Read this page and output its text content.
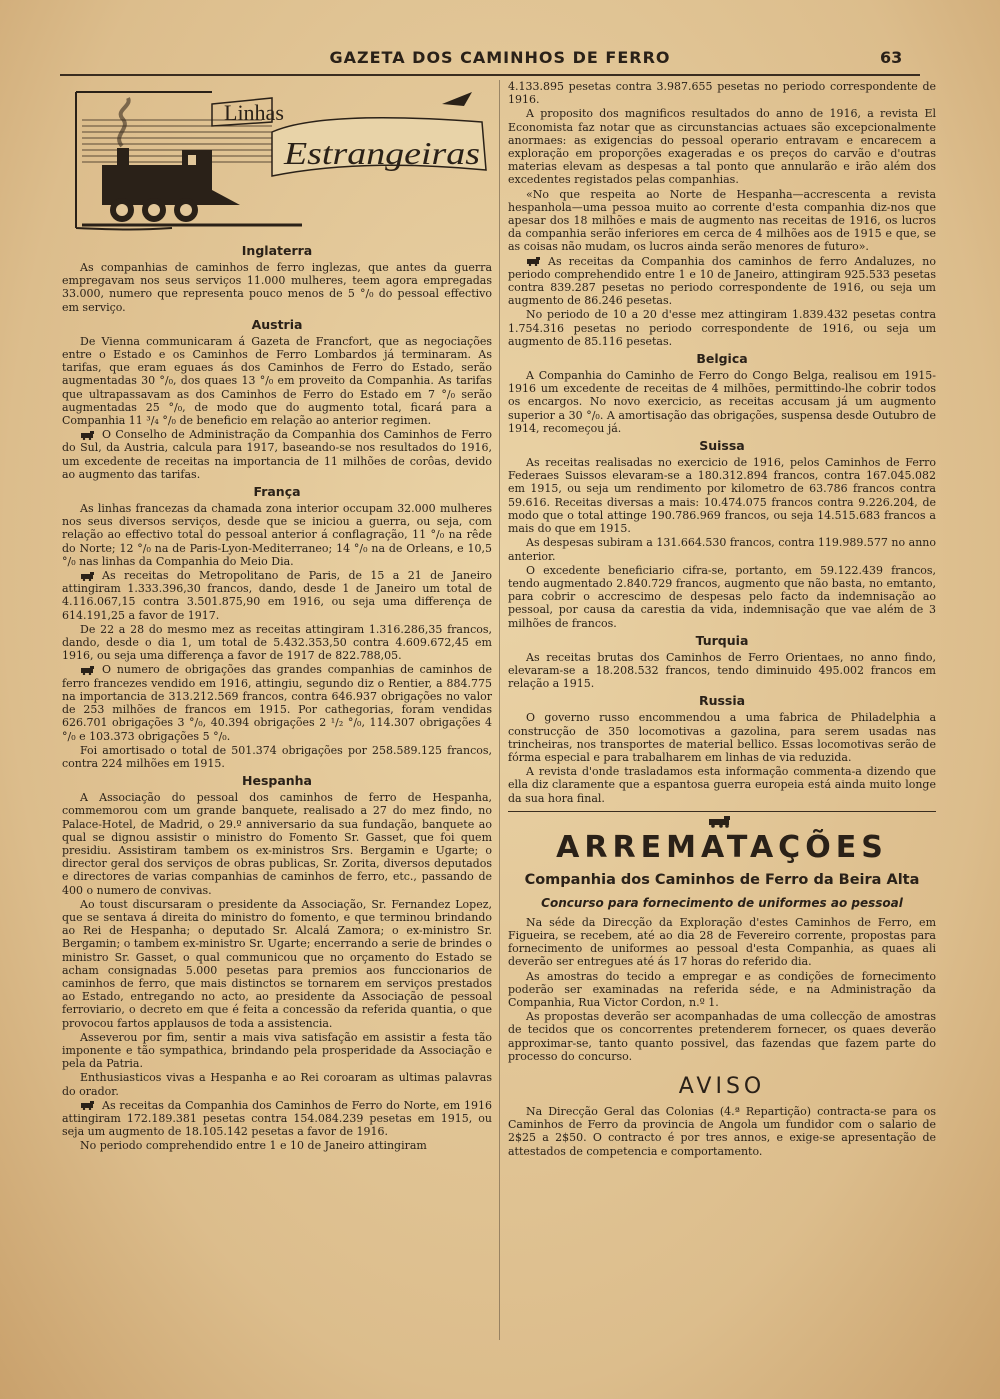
GAZETA DOS CAMINHOS DE FERRO	63
Linhas
Estrangeiras
Inglaterra

As companhias de caminhos de ferro inglezas, que antes da guerra empregavam nos seus serviços 11.000 mulheres, teem agora empregadas 33.000, numero que representa pouco menos de 5 °/₀ do pessoal effectivo em serviço.

Austria

De Vienna communicaram á Gazeta de Francfort, que as negociações entre o Estado e os Caminhos de Ferro Lombardos já terminaram. As tarifas, que eram eguaes ás dos Caminhos de Ferro do Estado, serão augmentadas 30 °/₀, dos quaes 13 °/₀ em proveito da Companhia. As tarifas que ultrapassavam as dos Caminhos de Ferro do Estado em 7 °/₀ serão augmentadas 25 °/₀, de modo que do augmento total, ficará para a Companhia 11 ³/₄ °/₀ de beneficio em relação ao anterior regimen.

O Conselho de Administração da Companhia dos Caminhos de Ferro do Sul, da Austria, calcula para 1917, baseando-se nos resultados do 1916, um excedente de receitas na importancia de 11 milhões de corôas, devido ao augmento das tarifas.

França

As linhas francezas da chamada zona interior occupam 32.000 mulheres nos seus diversos serviços, desde que se iniciou a guerra, ou seja, com relação ao effectivo total do pessoal anterior á conflagração, 11 °/₀ na rêde do Norte; 12 °/₀ na de Paris-Lyon-Mediterraneo; 14 °/₀ na de Orleans, e 10,5 °/₀ nas linhas da Companhia do Meio Dia.

As receitas do Metropolitano de Paris, de 15 a 21 de Janeiro attingiram 1.333.396,30 francos, dando, desde 1 de Janeiro um total de 4.116.067,15 contra 3.501.875,90 em 1916, ou seja uma differença de 614.191,25 a favor de 1917.

De 22 a 28 do mesmo mez as receitas attingiram 1.316.286,35 francos, dando, desde o dia 1, um total de 5.432.353,50 contra 4.609.672,45 em 1916, ou seja uma differença a favor de 1917 de 822.788,05.

O numero de obrigações das grandes companhias de caminhos de ferro francezes vendido em 1916, attingiu, segundo diz o Rentier, a 884.775 na importancia de 313.212.569 francos, contra 646.937 obrigações no valor de 253 milhões de francos em 1915. Por cathegorias, foram vendidas 626.701 obrigações 3 °/₀, 40.394 obrigações 2 ¹/₂ °/₀, 114.307 obrigações 4 °/₀ e 103.373 obrigações 5 °/₀.

Foi amortisado o total de 501.374 obrigações por 258.589.125 francos, contra 224 milhões em 1915.

Hespanha

A Associação do pessoal dos caminhos de ferro de Hespanha, commemorou com um grande banquete, realisado a 27 do mez findo, no Palace-Hotel, de Madrid, o 29.º anniversario da sua fundação, banquete ao qual se dignou assistir o ministro do Fomento Sr. Gasset, que foi quem presidiu. Assistiram tambem os ex-ministros Srs. Bergamin e Ugarte; o director geral dos serviços de obras publicas, Sr. Zorita, diversos deputados e directores de varias companhias de caminhos de ferro, etc., passando de 400 o numero de convivas.

Ao toust discursaram o presidente da Associação, Sr. Fernandez Lopez, que se sentava á direita do ministro do fomento, e que terminou brindando ao Rei de Hespanha; o deputado Sr. Alcalá Zamora; o ex-ministro Sr. Bergamin; o tambem ex-ministro Sr. Ugarte; encerrando a serie de brindes o ministro Sr. Gasset, o qual communicou que no orçamento do Estado se acham consignadas 5.000 pesetas para premios aos funccionarios de caminhos de ferro, que mais distinctos se tornarem em serviços prestados ao Estado, entregando no acto, ao presidente da Associação de pessoal ferroviario, o decreto em que é feita a concessão da referida quantia, o que provocou fartos applausos de toda a assistencia.

Asseverou por fim, sentir a mais viva satisfação em assistir a festa tão imponente e tão sympathica, brindando pela prosperidade da Associação e pela da Patria.

Enthusiasticos vivas a Hespanha e ao Rei coroaram as ultimas palavras do orador.

As receitas da Companhia dos Caminhos de Ferro do Norte, em 1916 attingiram 172.189.381 pesetas contra 154.084.239 pesetas em 1915, ou seja um augmento de 18.105.142 pesetas a favor de 1916.

No periodo comprehendido entre 1 e 10 de Janeiro attingiram

4.133.895 pesetas contra 3.987.655 pesetas no periodo correspondente de 1916.

A proposito dos magnificos resultados do anno de 1916, a revista El Economista faz notar que as circunstancias actuaes são excepcionalmente anormaes: as exigencias do pessoal operario entravam e encarecem a exploração em proporções exageradas e os preços do carvão e d'outras materias elevam as despesas a tal ponto que annularão e irão além dos excedentes registados pelas companhias.

«No que respeita ao Norte de Hespanha—accrescenta a revista hespanhola—uma pessoa muito ao corrente d'esta companhia diz-nos que apesar dos 18 milhões e mais de augmento nas receitas de 1916, os lucros da companhia serão inferiores em cerca de 4 milhões aos de 1915 e que, se as coisas não mudam, os lucros ainda serão menores de futuro».

As receitas da Companhia dos caminhos de ferro Andaluzes, no periodo comprehendido entre 1 e 10 de Janeiro, attingiram 925.533 pesetas contra 839.287 pesetas no periodo correspondente de 1916, ou seja um augmento de 86.246 pesetas.

No periodo de 10 a 20 d'esse mez attingiram 1.839.432 pesetas contra 1.754.316 pesetas no periodo correspondente de 1916, ou seja um augmento de 85.116 pesetas.

Belgica

A Companhia do Caminho de Ferro do Congo Belga, realisou em 1915-1916 um excedente de receitas de 4 milhões, permittindo-lhe cobrir todos os encargos. No novo exercicio, as receitas accusam já um augmento superior a 30 °/₀. A amortisação das obrigações, suspensa desde Outubro de 1914, recomeçou já.

Suissa

As receitas realisadas no exercicio de 1916, pelos Caminhos de Ferro Federaes Suissos elevaram-se a 180.312.894 francos, contra 167.045.082 em 1915, ou seja um rendimento por kilometro de 63.786 francos contra 59.616. Receitas diversas a mais: 10.474.075 francos contra 9.226.204, de modo que o total attinge 190.786.969 francos, ou seja 14.515.683 francos a mais do que em 1915.

As despesas subiram a 131.664.530 francos, contra 119.989.577 no anno anterior.

O excedente beneficiario cifra-se, portanto, em 59.122.439 francos, tendo augmentado 2.840.729 francos, augmento que não basta, no emtanto, para cobrir o accrescimo de despesas pelo facto da indemnisação ao pessoal, por causa da carestia da vida, indemnisação que vae além de 3 milhões de francos.

Turquia

As receitas brutas dos Caminhos de Ferro Orientaes, no anno findo, elevaram-se a 18.208.532 francos, tendo diminuido 495.002 francos em relação a 1915.

Russia

O governo russo encommendou a uma fabrica de Philadelphia a construcção de 350 locomotivas a gazolina, para serem usadas nas trincheiras, nos transportes de material bellico. Essas locomotivas serão de fórma especial e para trabalharem em linhas de via reduzida.

A revista d'onde trasladamos esta informação commenta-a dizendo que ella diz claramente que a espantosa guerra europeia está ainda muito longe da sua hora final.

ARREMATAÇÕES
Companhia dos Caminhos de Ferro da Beira Alta
Concurso para fornecimento de uniformes ao pessoal

Na séde da Direcção da Exploração d'estes Caminhos de Ferro, em Figueira, se recebem, até ao dia 28 de Fevereiro corrente, propostas para fornecimento de uniformes ao pessoal d'esta Companhia, as quaes ali deverão ser entregues até ás 17 horas do referido dia.

As amostras do tecido a empregar e as condições de fornecimento poderão ser examinadas na referida séde, e na Administração da Companhia, Rua Victor Cordon, n.º 1.

As propostas deverão ser acompanhadas de uma collecção de amostras de tecidos que os concorrentes pretenderem fornecer, os quaes deverão approximar-se, tanto quanto possivel, das fazendas que fazem parte do processo do concurso.

AVISO

Na Direcção Geral das Colonias (4.ª Repartição) contracta-se para os Caminhos de Ferro da provincia de Angola um fundidor com o salario de 2$25 a 2$50. O contracto é por tres annos, e exige-se apresentação de attestados de competencia e comportamento.
